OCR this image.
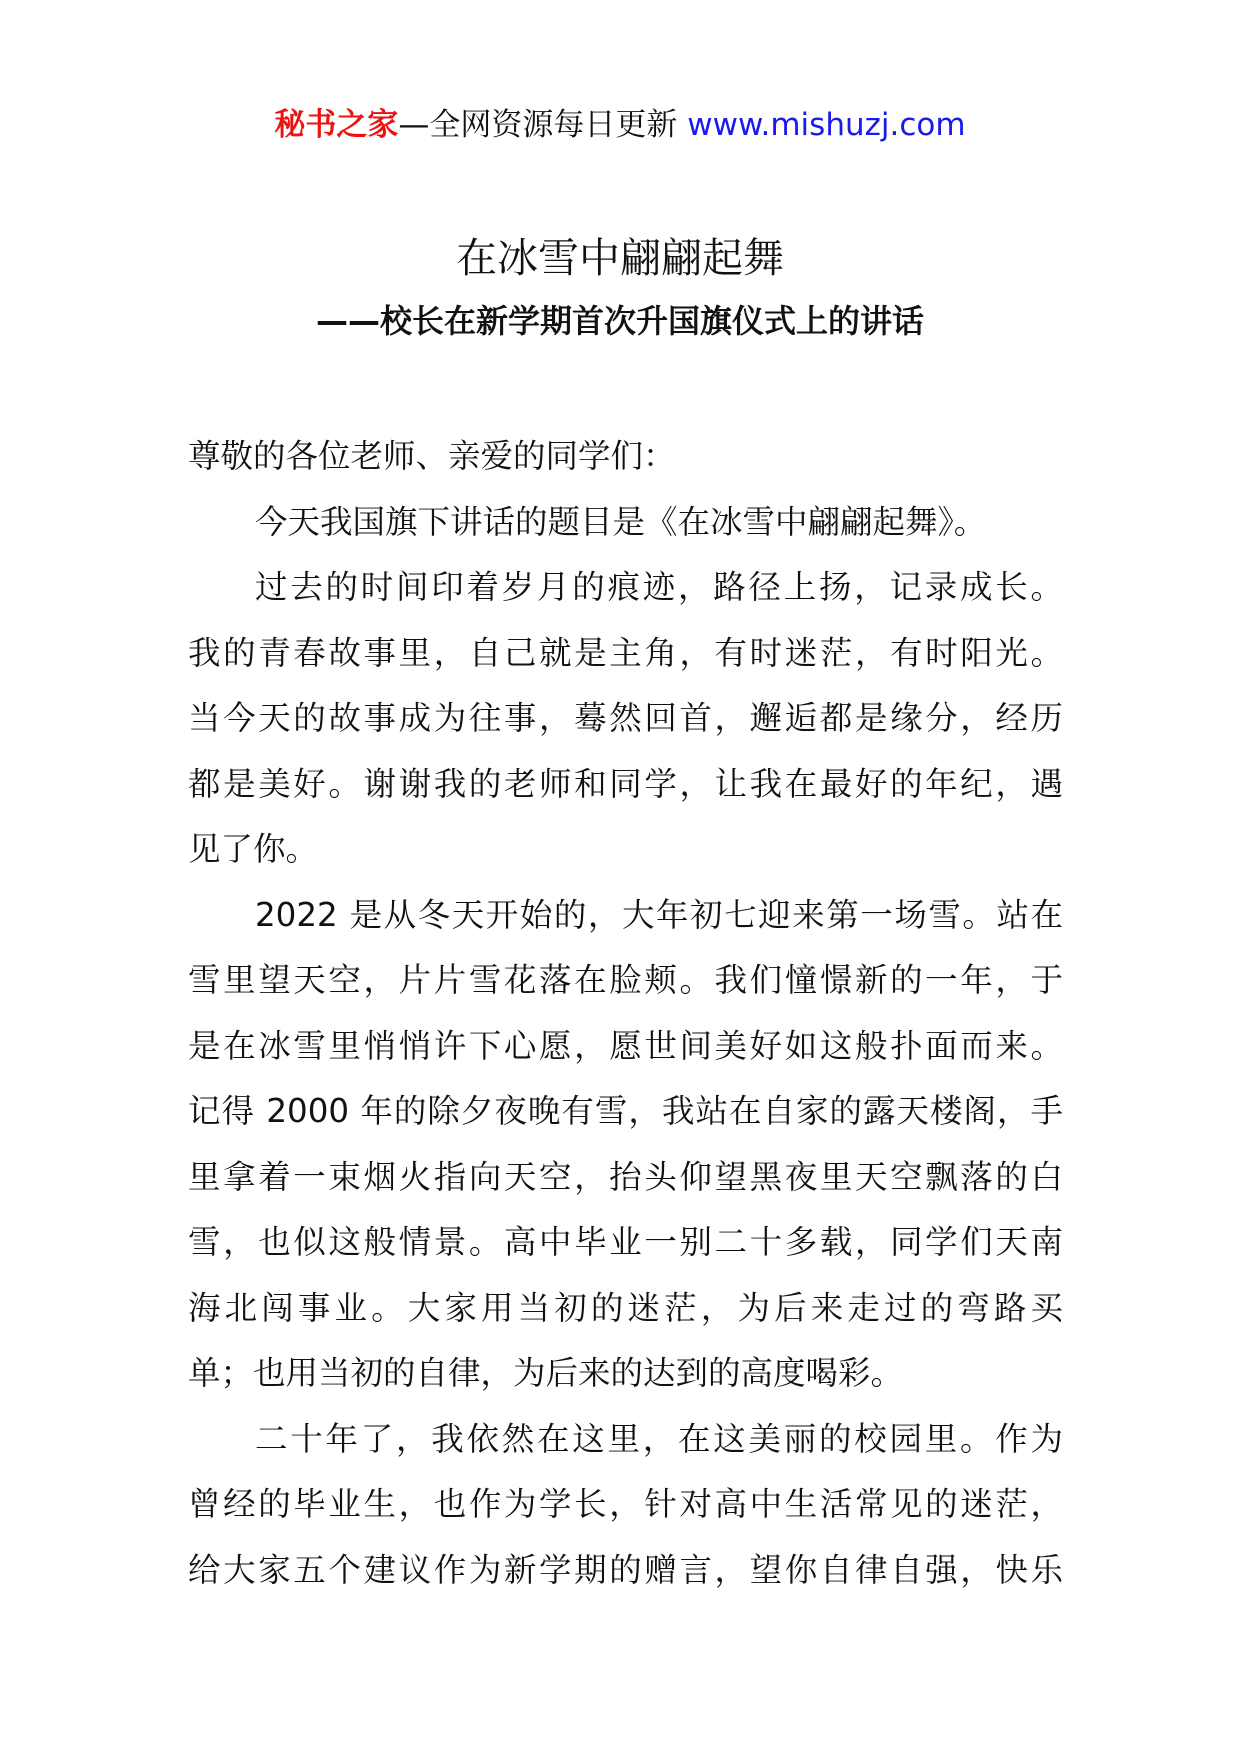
秘书之家—全网资源每日更新 www.mishuzj.com
在冰雪中翩翩起舞
——校长在新学期首次升国旗仪式上的讲话
尊敬的各位老师、亲爱的同学们：
今天我国旗下讲话的题目是《在冰雪中翩翩起舞》。
过去的时间印着岁月的痕迹，路径上扬，记录成长。
我的青春故事里，自己就是主角，有时迷茫，有时阳光。
当今天的故事成为往事，蓦然回首，邂逅都是缘分，经历
都是美好。谢谢我的老师和同学，让我在最好的年纪，遇
见了你。
2022 是从冬天开始的，大年初七迎来第一场雪。站在
雪里望天空，片片雪花落在脸颊。我们憧憬新的一年，于
是在冰雪里悄悄许下心愿，愿世间美好如这般扑面而来。
记得 2000 年的除夕夜晚有雪，我站在自家的露天楼阁，手
里拿着一束烟火指向天空，抬头仰望黑夜里天空飘落的白
雪，也似这般情景。高中毕业一别二十多载，同学们天南
海北闯事业。大家用当初的迷茫，为后来走过的弯路买
单；也用当初的自律，为后来的达到的高度喝彩。
二十年了，我依然在这里，在这美丽的校园里。作为
曾经的毕业生，也作为学长，针对高中生活常见的迷茫，
给大家五个建议作为新学期的赠言，望你自律自强，快乐
